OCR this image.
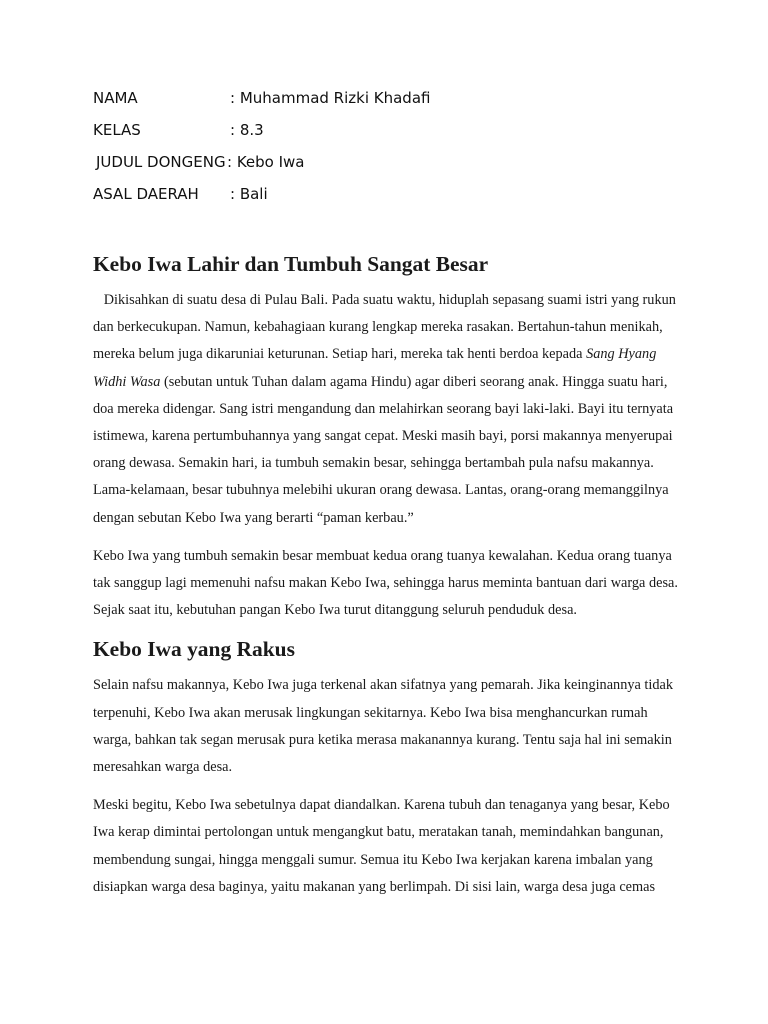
NAMA	: Muhammad Rizki Khadafi
KELAS	: 8.3
JUDUL DONGENG : Kebo Iwa
ASAL DAERAH : Bali
Kebo Iwa Lahir dan Tumbuh Sangat Besar

Dikisahkan di suatu desa di Pulau Bali. Pada suatu waktu, hiduplah sepasang suami istri yang rukun
dan berkecukupan. Namun, kebahagiaan kurang lengkap mereka rasakan. Bertahun-tahun menikah,
mereka belum juga dikaruniai keturunan. Setiap hari, mereka tak henti berdoa kepada Sang Hyang
Widhi Wasa (sebutan untuk Tuhan dalam agama Hindu) agar diberi seorang anak. Hingga suatu hari,
doa mereka didengar. Sang istri mengandung dan melahirkan seorang bayi laki-laki. Bayi itu ternyata
istimewa, karena pertumbuhannya yang sangat cepat. Meski masih bayi, porsi makannya menyerupai
orang dewasa. Semakin hari, ia tumbuh semakin besar, sehingga bertambah pula nafsu makannya.
Lama-kelamaan, besar tubuhnya melebihi ukuran orang dewasa. Lantas, orang-orang memanggilnya
dengan sebutan Kebo Iwa yang berarti “paman kerbau.”

Kebo Iwa yang tumbuh semakin besar membuat kedua orang tuanya kewalahan. Kedua orang tuanya
tak sanggup lagi memenuhi nafsu makan Kebo Iwa, sehingga harus meminta bantuan dari warga desa.
Sejak saat itu, kebutuhan pangan Kebo Iwa turut ditanggung seluruh penduduk desa.

Kebo Iwa yang Rakus

Selain nafsu makannya, Kebo Iwa juga terkenal akan sifatnya yang pemarah. Jika keinginannya tidak
terpenuhi, Kebo Iwa akan merusak lingkungan sekitarnya. Kebo Iwa bisa menghancurkan rumah
warga, bahkan tak segan merusak pura ketika merasa makanannya kurang. Tentu saja hal ini semakin
meresahkan warga desa.

Meski begitu, Kebo Iwa sebetulnya dapat diandalkan. Karena tubuh dan tenaganya yang besar, Kebo
Iwa kerap dimintai pertolongan untuk mengangkut batu, meratakan tanah, memindahkan bangunan,
membendung sungai, hingga menggali sumur. Semua itu Kebo Iwa kerjakan karena imbalan yang
disiapkan warga desa baginya, yaitu makanan yang berlimpah. Di sisi lain, warga desa juga cemas
